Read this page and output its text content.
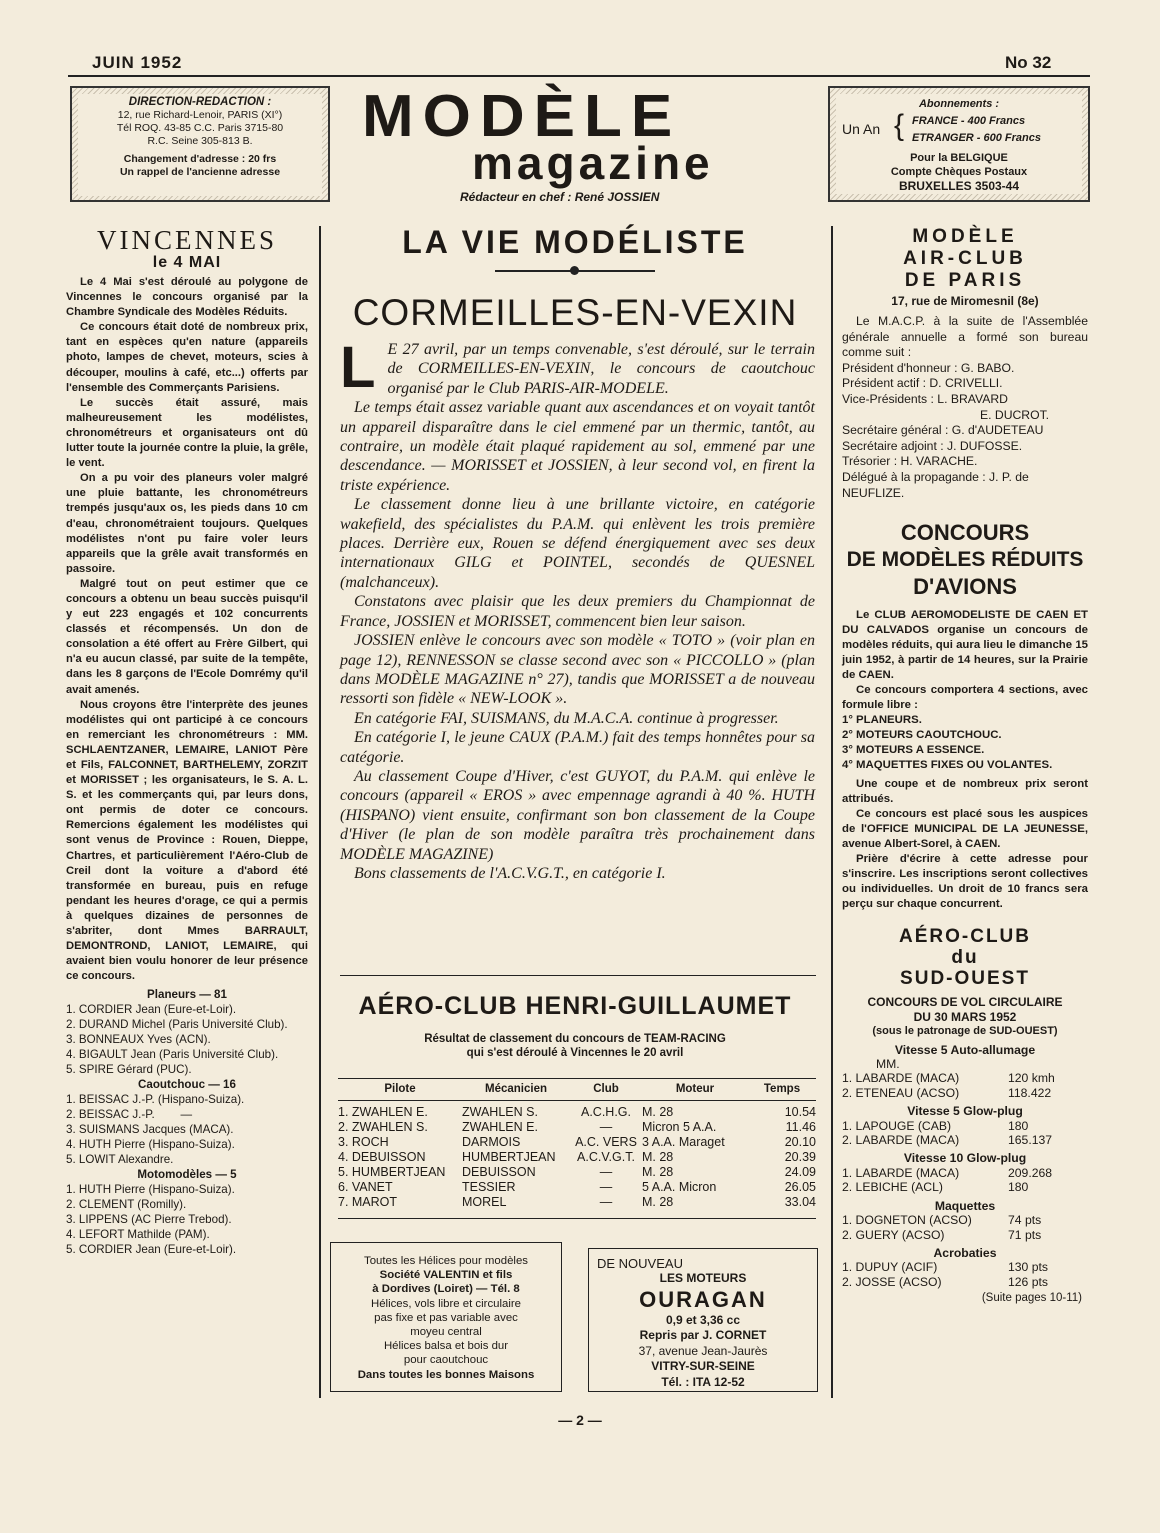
JUIN 1952	No 32
DIRECTION-REDACTION :
12, rue Richard-Lenoir, PARIS (XI°)
Tél ROQ. 43-85 C.C. Paris 3715-80
R.C. Seine 305-813 B.
Changement d'adresse : 20 frs
Un rappel de l'ancienne adresse
MODÈLE
magazine
Rédacteur en chef : René JOSSIEN
Abonnements :
Un An { FRANCE - 400 Francs
ETRANGER - 600 Francs
Pour la BELGIQUE
Compte Chèques Postaux
BRUXELLES 3503-44
VINCENNES
le 4 MAI

Le 4 Mai s'est déroulé au polygone de Vincennes le concours organisé par la Chambre Syndicale des Modèles Réduits.

Ce concours était doté de nombreux prix, tant en espèces qu'en nature (appareils photo, lampes de chevet, moteurs, scies à découper, moulins à café, etc...) offerts par l'ensemble des Commerçants Parisiens.

Le succès était assuré, mais malheureusement les modélistes, chronométreurs et organisateurs ont dû lutter toute la journée contre la pluie, la grêle, le vent.

On a pu voir des planeurs voler malgré une pluie battante, les chronométreurs trempés jusqu'aux os, les pieds dans 10 cm d'eau, chronométraient toujours. Quelques modélistes n'ont pu faire voler leurs appareils que la grêle avait transformés en passoire.

Malgré tout on peut estimer que ce concours a obtenu un beau succès puisqu'il y eut 223 engagés et 102 concurrents classés et récompensés. Un don de consolation a été offert au Frère Gilbert, qui n'a eu aucun classé, par suite de la tempête, dans les 8 garçons de l'Ecole Domrémy qu'il avait amenés.

Nous croyons être l'interprète des jeunes modélistes qui ont participé à ce concours en remerciant les chronométreurs : MM. SCHLAENTZANER, LEMAIRE, LANIOT Père et Fils, FALCONNET, BARTHELEMY, ZORZIT et MORISSET ; les organisateurs, le S. A. L. S. et les commerçants qui, par leurs dons, ont permis de doter ce concours. Remercions également les modélistes qui sont venus de Province : Rouen, Dieppe, Chartres, et particulièrement l'Aéro-Club de Creil dont la voiture a d'abord été transformée en bureau, puis en refuge pendant les heures d'orage, ce qui a permis à quelques dizaines de personnes de s'abriter, dont Mmes BARRAULT, DEMONTROND, LANIOT, LEMAIRE, qui avaient bien voulu honorer de leur présence ce concours.

Planeurs — 81
1. CORDIER Jean (Eure-et-Loir).
2. DURAND Michel (Paris Université Club).
3. BONNEAUX Yves (ACN).
4. BIGAULT Jean (Paris Université Club).
5. SPIRE Gérard (PUC).
Caoutchouc — 16
1. BEISSAC J.-P. (Hispano-Suiza).
2. BEISSAC J.-P.        —
3. SUISMANS Jacques (MACA).
4. HUTH Pierre (Hispano-Suiza).
5. LOWIT Alexandre.
Motomodèles — 5
1. HUTH Pierre (Hispano-Suiza).
2. CLEMENT (Romilly).
3. LIPPENS (AC Pierre Trebod).
4. LEFORT Mathilde (PAM).
5. CORDIER Jean (Eure-et-Loir).
LA VIE MODÉLISTE
CORMEILLES-EN-VEXIN
L E 27 avril, par un temps convenable, s'est déroulé, sur le terrain de CORMEILLES-EN-VEXIN, le concours de caoutchouc organisé par le Club PARIS-AIR-MODELE.

Le temps était assez variable quant aux ascendances et on voyait tantôt un appareil disparaître dans le ciel emmené par un thermic, tantôt, au contraire, un modèle était plaqué rapidement au sol, emmené par une descendance. — MORISSET et JOSSIEN, à leur second vol, en firent la triste expérience.

Le classement donne lieu à une brillante victoire, en catégorie wakefield, des spécialistes du P.A.M. qui enlèvent les trois première places. Derrière eux, Rouen se défend énergiquement avec ses deux internationaux GILG et POINTEL, secondés de QUESNEL (malchanceux).

Constatons avec plaisir que les deux premiers du Championnat de France, JOSSIEN et MORISSET, commencent bien leur saison.

JOSSIEN enlève le concours avec son modèle « TOTO » (voir plan en page 12), RENNESSON se classe second avec son « PICCOLLO » (plan dans MODÈLE MAGAZINE n° 27), tandis que MORISSET a de nouveau ressorti son fidèle « NEW-LOOK ».

En catégorie FAI, SUISMANS, du M.A.C.A. continue à progresser.

En catégorie I, le jeune CAUX (P.A.M.) fait des temps honnêtes pour sa catégorie.

Au classement Coupe d'Hiver, c'est GUYOT, du P.A.M. qui enlève le concours (appareil « EROS » avec empennage agrandi à 40 %. HUTH (HISPANO) vient ensuite, confirmant son bon classement de la Coupe d'Hiver (le plan de son modèle paraîtra très prochainement dans MODÈLE MAGAZINE)

Bons classements de l'A.C.V.G.T., en catégorie I.

AÉRO-CLUB HENRI-GUILLAUMET
Résultat de classement du concours de TEAM-RACING
qui s'est déroulé à Vincennes le 20 avril
Pilote	Mécanicien	Club	Moteur	Temps
1. ZWAHLEN E.	ZWAHLEN S.	A.C.H.G.	M. 28	10.54
2. ZWAHLEN S.	ZWAHLEN E.	—	Micron 5 A.A.	11.46
3. ROCH	DARMOIS	A.C. VERS	3 A.A. Maraget	20.10
4. DEBUISSON	HUMBERTJEAN	A.C.V.G.T.	M. 28	20.39
5. HUMBERTJEAN	DEBUISSON	—	M. 28	24.09
6. VANET	TESSIER	—	5 A.A. Micron	26.05
7. MAROT	MOREL	—	M. 28	33.04
Toutes les Hélices pour modèles
Société VALENTIN et fils
à Dordives (Loiret) — Tél. 8
Hélices, vols libre et circulaire
pas fixe et pas variable avec
moyeu central
Hélices balsa et bois dur
pour caoutchouc
Dans toutes les bonnes Maisons
DE NOUVEAU
LES MOTEURS
OURAGAN
0,9 et 3,36 cc
Repris par J. CORNET
37, avenue Jean-Jaurès
VITRY-SUR-SEINE
Tél. : ITA 12-52
MODÈLE
AIR-CLUB
DE PARIS
17, rue de Miromesnil (8e)

Le M.A.C.P. à la suite de l'Assemblée générale annuelle a formé son bureau comme suit :

Président d'honneur : G. BABO.
Président actif : D. CRIVELLI.
Vice-Présidents : L. BRAVARD
E. DUCROT.
Secrétaire général : G. d'AUDETEAU
Secrétaire adjoint : J. DUFOSSE.
Trésorier : H. VARACHE.
Délégué à la propagande : J. P. de NEUFLIZE.
CONCOURS
DE MODÈLES RÉDUITS
D'AVIONS

Le CLUB AEROMODELISTE DE CAEN ET DU CALVADOS organise un concours de modèles réduits, qui aura lieu le dimanche 15 juin 1952, à partir de 14 heures, sur la Prairie de CAEN.

Ce concours comportera 4 sections, avec formule libre :

1° PLANEURS.
2° MOTEURS CAOUTCHOUC.
3° MOTEURS A ESSENCE.
4° MAQUETTES FIXES OU VOLANTES.

Une coupe et de nombreux prix seront attribués.

Ce concours est placé sous les auspices de l'OFFICE MUNICIPAL DE LA JEUNESSE, avenue Albert-Sorel, à CAEN.

Prière d'écrire à cette adresse pour s'inscrire. Les inscriptions seront collectives ou individuelles. Un droit de 10 francs sera perçu sur chaque concurrent.

AÉRO-CLUB
du
SUD-OUEST
CONCOURS DE VOL CIRCULAIRE
DU 30 MARS 1952
(sous le patronage de SUD-OUEST)
Vitesse 5 Auto-allumage
MM.
1. LABARDE (MACA)	120 kmh
2. ETENEAU (ACSO)	118.422
Vitesse 5 Glow-plug
1. LAPOUGE (CAB)	180
2. LABARDE (MACA)	165.137
Vitesse 10 Glow-plug
1. LABARDE (MACA)	209.268
2. LEBICHE (ACL)	180
Maquettes
1. DOGNETON (ACSO)	74 pts
2. GUERY (ACSO)	71 pts
Acrobaties
1. DUPUY (ACIF)	130 pts
2. JOSSE (ACSO)	126 pts
(Suite pages 10-11)
— 2 —
